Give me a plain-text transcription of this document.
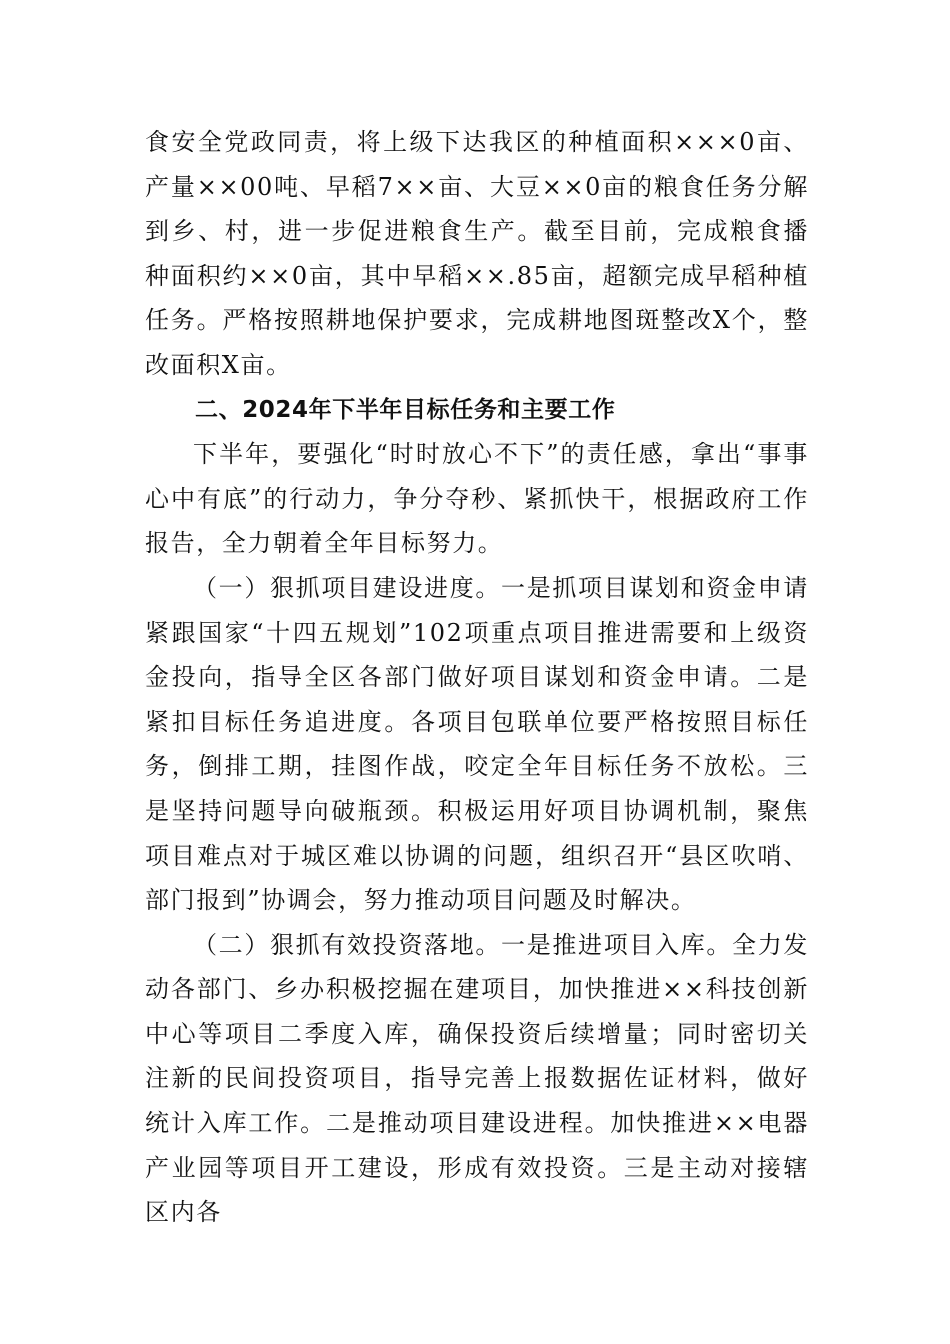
食安全党政同责，将上级下达我区的种植面积×××0亩、产量××00吨、早稻7××亩、大豆××0亩的粮食任务分解到乡、村，进一步促进粮食生产。截至目前，完成粮食播种面积约××0亩，其中早稻××.85亩，超额完成早稻种植任务。严格按照耕地保护要求，完成耕地图斑整改X个，整改面积X亩。

二、2024年下半年目标任务和主要工作

下半年，要强化“时时放心不下”的责任感，拿出“事事心中有底”的行动力，争分夺秒、紧抓快干，根据政府工作报告，全力朝着全年目标努力。

（一）狠抓项目建设进度。一是抓项目谋划和资金申请紧跟国家“十四五规划”102项重点项目推进需要和上级资金投向，指导全区各部门做好项目谋划和资金申请。二是紧扣目标任务追进度。各项目包联单位要严格按照目标任务，倒排工期，挂图作战，咬定全年目标任务不放松。三是坚持问题导向破瓶颈。积极运用好项目协调机制，聚焦项目难点对于城区难以协调的问题，组织召开“县区吹哨、部门报到”协调会，努力推动项目问题及时解决。

（二）狠抓有效投资落地。一是推进项目入库。全力发动各部门、乡办积极挖掘在建项目，加快推进××科技创新中心等项目二季度入库，确保投资后续增量；同时密切关注新的民间投资项目，指导完善上报数据佐证材料，做好统计入库工作。二是推动项目建设进程。加快推进××电器产业园等项目开工建设，形成有效投资。三是主动对接辖区内各
